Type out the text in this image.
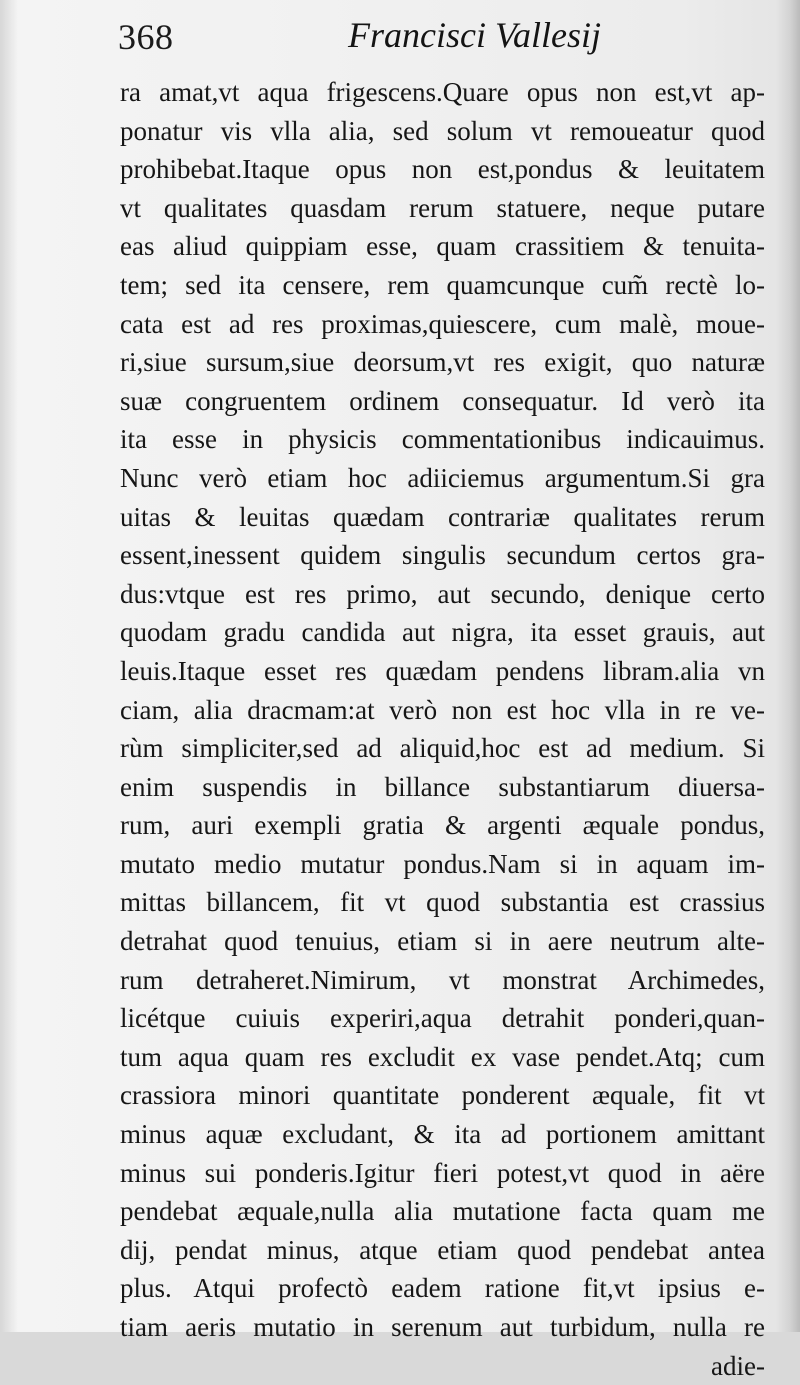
368	Francisci Vallesij
ra amat,vt aqua frigescens.Quare opus non est,vt ap-
ponatur vis vlla alia, sed solum vt remoueatur quod
prohibebat.Itaque opus non est,pondus & leuitatem
vt qualitates quasdam rerum statuere, neque putare
eas aliud quippiam esse, quam crassitiem & tenuita-
tem; sed ita censere, rem quamcunque cum̃ rectè lo-
cata est ad res proximas,quiescere, cum malè, moue-
ri,siue sursum,siue deorsum,vt res exigit, quo naturæ
suæ congruentem ordinem consequatur. Id verò ita
ita esse in physicis commentationibus indicauimus.
Nunc verò etiam hoc adiiciemus argumentum.Si gra
uitas & leuitas quædam contrariæ qualitates rerum
essent,inessent quidem singulis secundum certos gra-
dus:vtque est res primo, aut secundo, denique certo
quodam gradu candida aut nigra, ita esset grauis, aut
leuis.Itaque esset res quædam pendens libram.alia vn
ciam, alia dracmam:at verò non est hoc vlla in re ve-
rùm simpliciter,sed ad aliquid,hoc est ad medium. Si
enim suspendis in billance substantiarum diuersa-
rum, auri exempli gratia & argenti æquale pondus,
mutato medio mutatur pondus.Nam si in aquam im-
mittas billancem, fit vt quod substantia est crassius
detrahat quod tenuius, etiam si in aere neutrum alte-
rum detraheret.Nimirum, vt monstrat Archimedes,
licétque cuiuis experiri,aqua detrahit ponderi,quan-
tum aqua quam res excludit ex vase pendet.Atq; cum
crassiora minori quantitate ponderent æquale, fit vt
minus aquæ excludant, & ita ad portionem amittant
minus sui ponderis.Igitur fieri potest,vt quod in aëre
pendebat æquale,nulla alia mutatione facta quam me
dij, pendat minus, atque etiam quod pendebat antea
plus. Atqui profectò eadem ratione fit,vt ipsius e-
tiam aeris mutatio in serenum aut turbidum, nulla re
adie-
